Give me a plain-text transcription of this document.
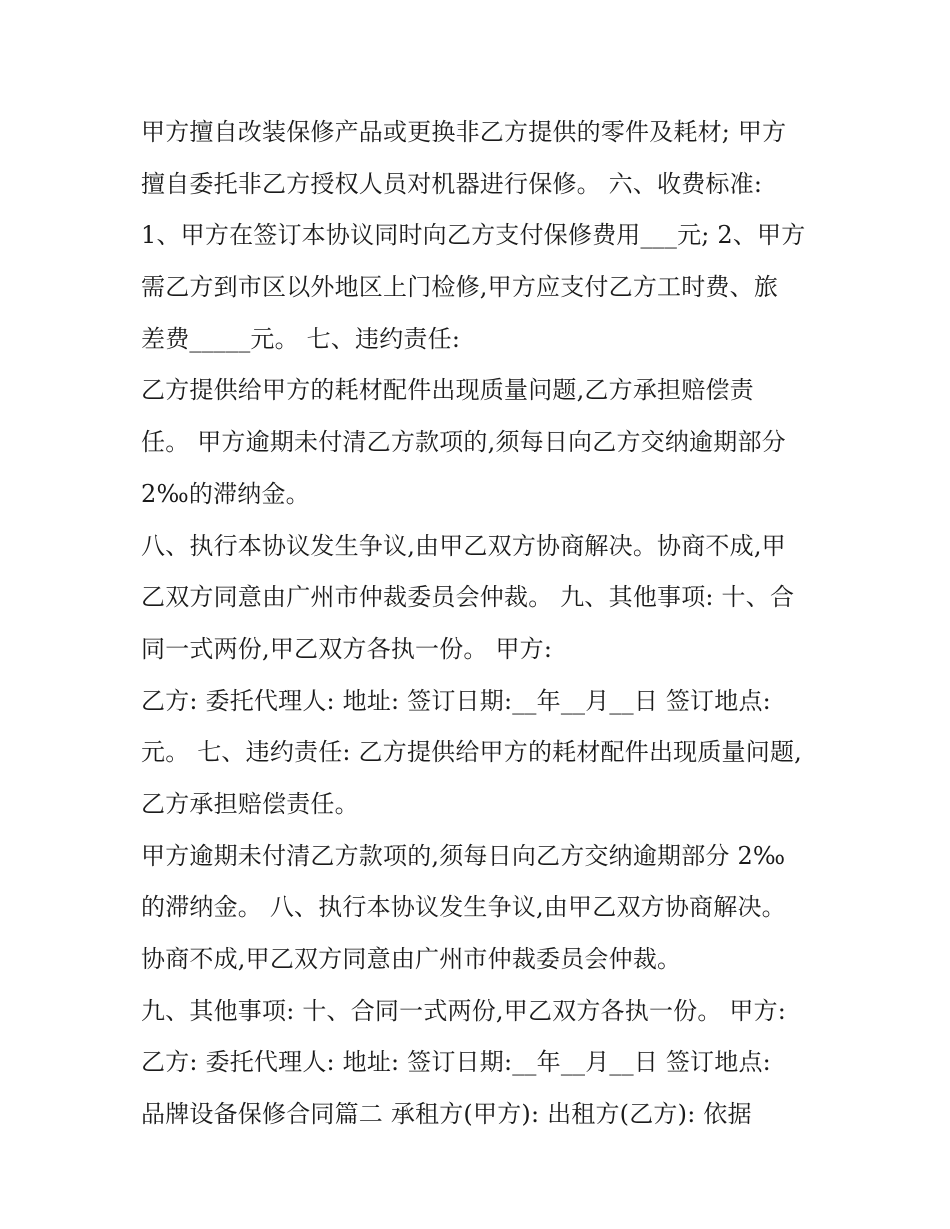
甲方擅自改装保修产品或更换非乙方提供的零件及耗材; 甲方
擅自委托非乙方授权人员对机器进行保修。 六、收费标准:
1、甲方在签订本协议同时向乙方支付保修费用___元; 2、甲方
需乙方到市区以外地区上门检修,甲方应支付乙方工时费、旅
差费_____元。 七、违约责任:
乙方提供给甲方的耗材配件出现质量问题,乙方承担赔偿责
任。 甲方逾期未付清乙方款项的,须每日向乙方交纳逾期部分
2‰的滞纳金。
八、执行本协议发生争议,由甲乙双方协商解决。协商不成,甲
乙双方同意由广州市仲裁委员会仲裁。 九、其他事项: 十、合
同一式两份,甲乙双方各执一份。 甲方:
乙方: 委托代理人: 地址: 签订日期:__年__月__日 签订地点:
元。 七、违约责任: 乙方提供给甲方的耗材配件出现质量问题,
乙方承担赔偿责任。
甲方逾期未付清乙方款项的,须每日向乙方交纳逾期部分 2‰
的滞纳金。 八、执行本协议发生争议,由甲乙双方协商解决。
协商不成,甲乙双方同意由广州市仲裁委员会仲裁。
九、其他事项: 十、合同一式两份,甲乙双方各执一份。 甲方:
乙方: 委托代理人: 地址: 签订日期:__年__月__日 签订地点:
品牌设备保修合同篇二 承租方(甲方): 出租方(乙方): 依据
